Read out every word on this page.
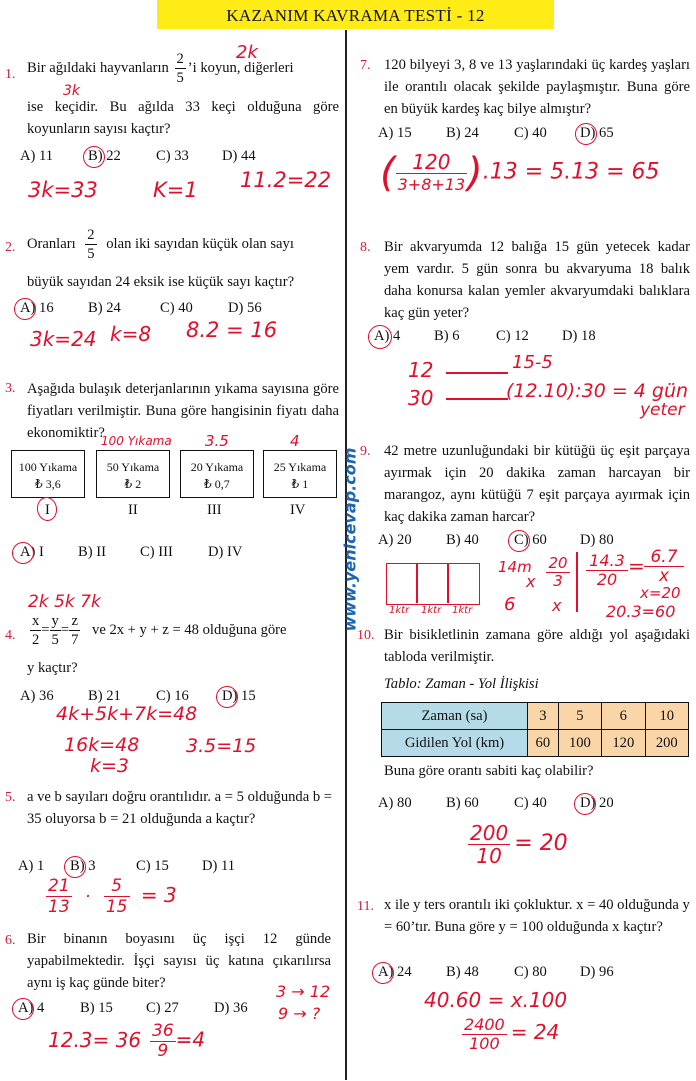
KAZANIM KAVRAMA TESTİ - 12
www.yenicevap.com
1. Bir ağıldaki hayvanların $\frac{2}{5}$ ’i koyun, diğerleri
ise keçidir. Bu ağılda 33 keçi olduğuna göre koyunların sayısı kaçtır?
A) 11 B) 22 C) 33 D) 44
2k
3k
3k=33	K=1 11.2=22
2. Oranları $\frac{2}{5}$ olan iki sayıdan küçük olan sayı
büyük sayıdan 24 eksik ise küçük sayı kaçtır?
A) 16 B) 24	C) 40 D) 56
3k=24 k=8 8.2 = 16
3. Aşağıda bulaşık deterjanlarının yıkama sayısına göre fiyatları verilmiştir. Buna göre hangisinin fiyatı daha ekonomiktir?
100 Yıkama
₺ 3,6
50 Yıkama
₺ 2
20 Yıkama
₺ 0,7
25 Yıkama
₺ 1
I	II	III	IV
A) I B) II C) III D) IV
100 Yıkama 3.5	4
4. $\frac{x}{2} = \frac{y}{5} = \frac{z}{7}$ ve 2x + y + z = 48 olduğuna göre
y kaçtır?
A) 36 B) 21 C) 16 D) 15
2k 5k 7k
4k+5k+7k=48
16k=48
k=3
3.5=15
5. a ve b sayıları doğru orantılıdır. a = 5 olduğunda b = 35 oluyorsa b = 21 olduğunda a kaçtır?
A) 1 B) 3	C) 15 D) 11
$\frac{21}{13} \cdot \frac{5}{15} = 3$
6. Bir binanın boyasını üç işçi 12 günde yapabilmektedir. İşçi sayısı üç katına çıkarılırsa aynı iş kaç günde biter?
A) 4 B) 15 C) 27 D) 36
3 → 12
9 → ?
$12.3= 36 \frac{36}{9} =4$
7. 120 bilyeyi 3, 8 ve 13 yaşlarındaki üç kardeş yaşları ile orantılı olacak şekilde paylaşmıştır. Buna göre en büyük kardeş kaç bilye almıştır?
A) 15 B) 24 C) 40 D) 65
( $\frac{120}{3+8+13} ).13 = 5.13 = 65$
8. Bir akvaryumda 12 balığa 15 gün yetecek kadar yem vardır. 5 gün sonra bu akvaryuma 18 balık daha konursa kalan yemler akvaryumdaki balıklara kaç gün yeter?
A) 4 B) 6 C) 12 D) 18
12	15-5
30	(12.10):30 = 4 gün
yeter
9. 42 metre uzunluğundaki bir kütüğü üç eşit parçaya ayırmak için 20 dakika zaman harcayan bir marangoz, aynı kütüğü 7 eşit parçaya ayırmak için kaç dakika zaman harcar?
A) 20 B) 40 C) 60 D) 80
1ktr 1ktr 1ktr
14m
6
x
20
3
x
14.3
20
= 6.7
x
x=20
20.3=60
10. Bir bisikletlinin zamana göre aldığı yol aşağıdaki tabloda verilmiştir.
Tablo: Zaman - Yol İlişkisi
Zaman (sa)	3	5	6	10
Gidilen Yol (km)	60	100	120	200
Buna göre orantı sabiti kaç olabilir?
A) 80 B) 60 C) 40 D) 20
$\frac{200}{10} = 20$
11. x ile y ters orantılı iki çokluktur. x = 40 olduğunda y = 60’tır. Buna göre y = 100 olduğunda x kaçtır?
A) 24 B) 48 C) 80 D) 96
40.60 = x.100
$\frac{2400}{100} = 24$
